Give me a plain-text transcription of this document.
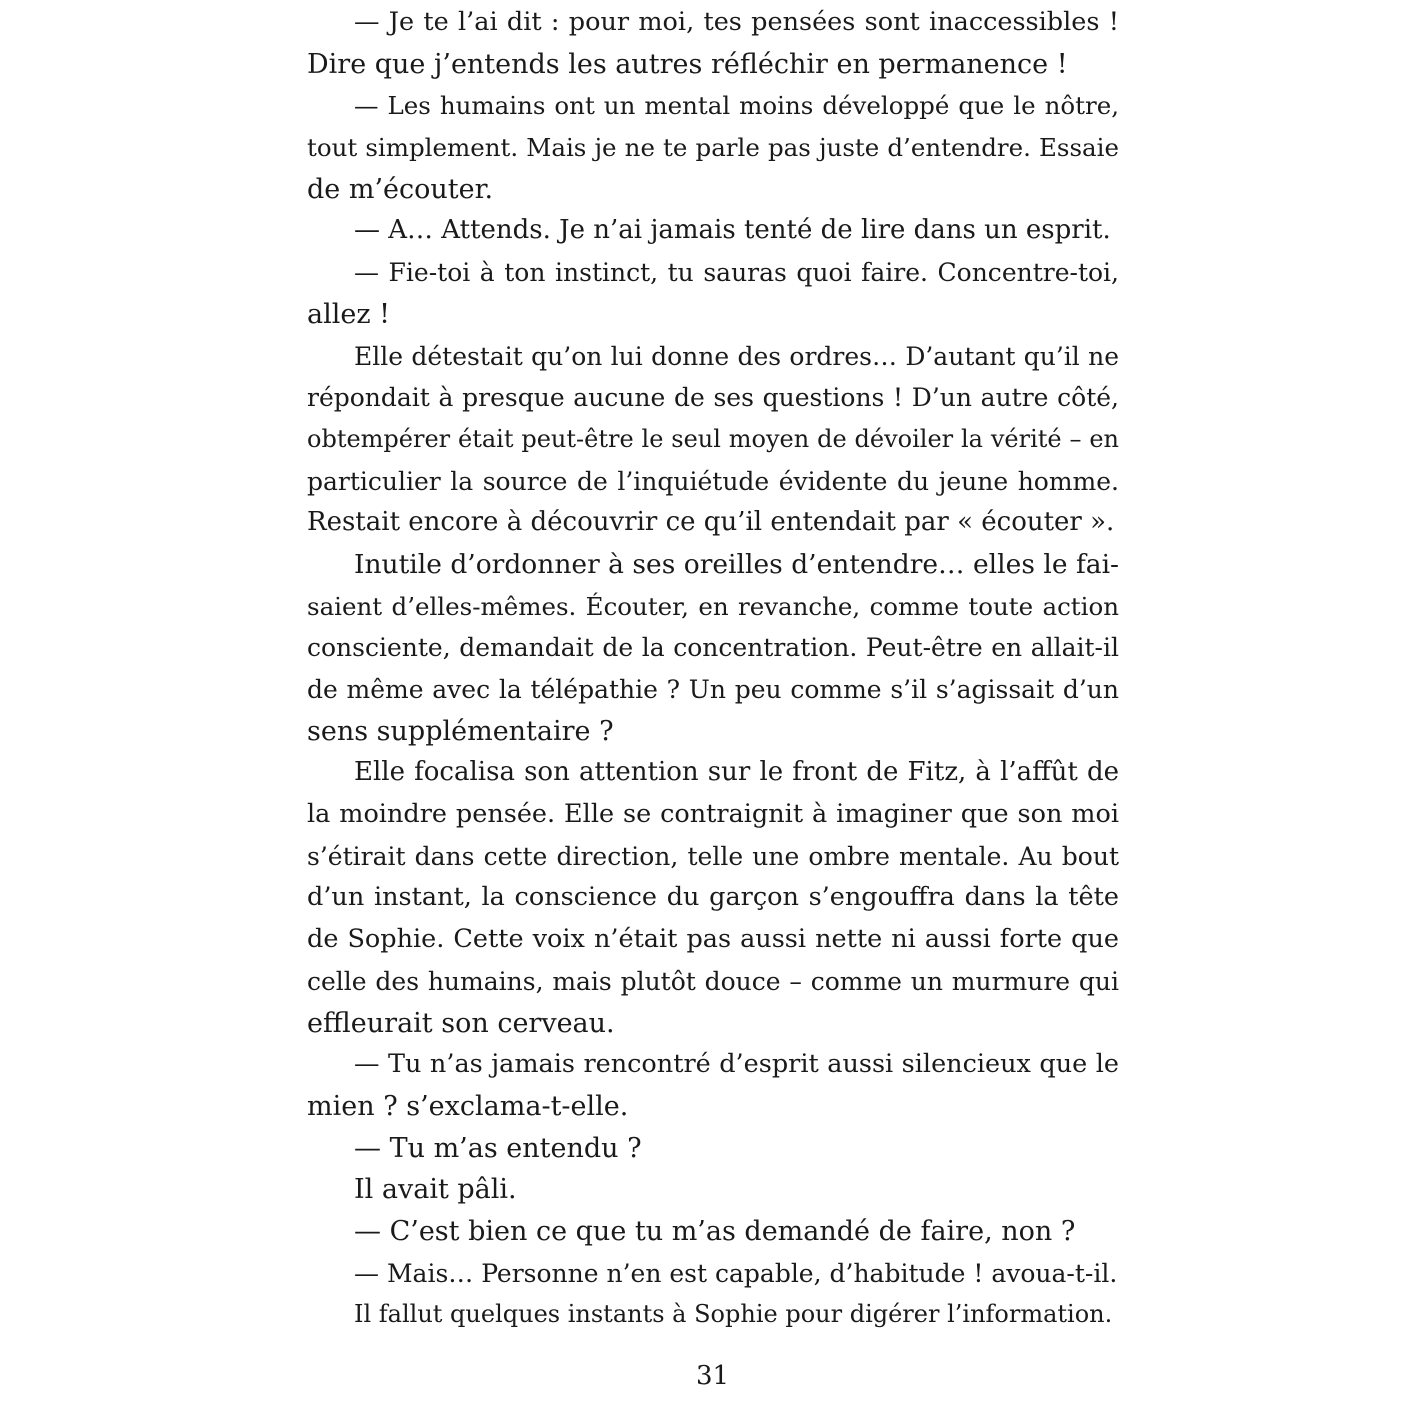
— Je te l’ai dit : pour moi, tes pensées sont inaccessibles !
Dire que j’entends les autres réfléchir en permanence !
— Les humains ont un mental moins développé que le nôtre,
tout simplement. Mais je ne te parle pas juste d’entendre. Essaie
de m’écouter.
— A… Attends. Je n’ai jamais tenté de lire dans un esprit.
— Fie-toi à ton instinct, tu sauras quoi faire. Concentre-toi,
allez !
Elle détestait qu’on lui donne des ordres… D’autant qu’il ne
répondait à presque aucune de ses questions ! D’un autre côté,
obtempérer était peut-être le seul moyen de dévoiler la vérité – en
particulier la source de l’inquiétude évidente du jeune homme.
Restait encore à découvrir ce qu’il entendait par « écouter ».
Inutile d’ordonner à ses oreilles d’entendre… elles le fai-
saient d’elles-mêmes. Écouter, en revanche, comme toute action
consciente, demandait de la concentration. Peut-être en allait-il
de même avec la télépathie ? Un peu comme s’il s’agissait d’un
sens supplémentaire ?
Elle focalisa son attention sur le front de Fitz, à l’affût de
la moindre pensée. Elle se contraignit à imaginer que son moi
s’étirait dans cette direction, telle une ombre mentale. Au bout
d’un instant, la conscience du garçon s’engouffra dans la tête
de Sophie. Cette voix n’était pas aussi nette ni aussi forte que
celle des humains, mais plutôt douce – comme un murmure qui
effleurait son cerveau.
— Tu n’as jamais rencontré d’esprit aussi silencieux que le
mien ? s’exclama-t-elle.
— Tu m’as entendu ?
Il avait pâli.
— C’est bien ce que tu m’as demandé de faire, non ?
— Mais… Personne n’en est capable, d’habitude ! avoua-t-il.
Il fallut quelques instants à Sophie pour digérer l’information.
31
